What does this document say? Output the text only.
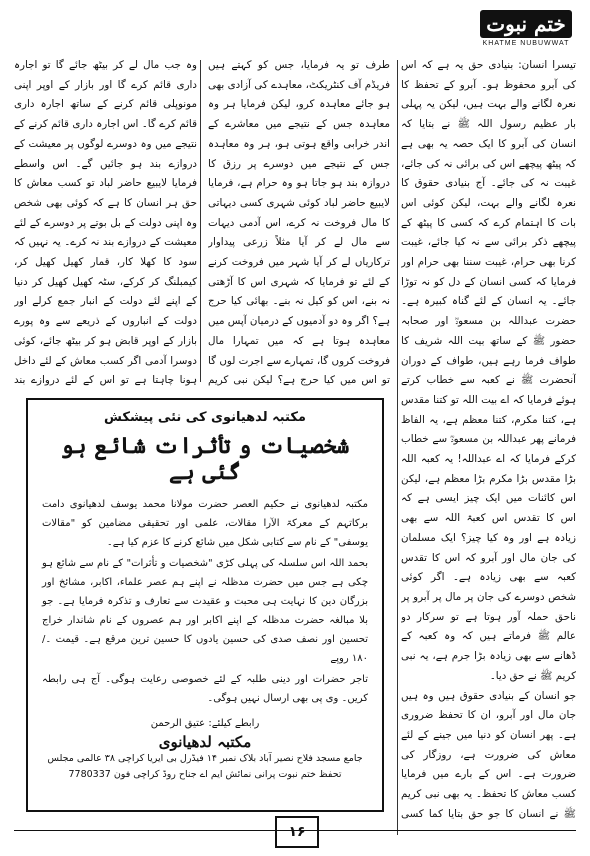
ختم نبوت
KHATME NUBUWWAT

تیسرا انسان: بنیادی حق یہ ہے کہ اس کی آبرو محفوظ ہو۔ آبرو کے تحفظ کا نعرہ لگانے والے بہت ہیں، لیکن یہ پہلی بار عظیم رسول اللہ ﷺ نے بتایا کہ انسان کی آبرو کا ایک حصہ یہ بھی ہے کہ پیٹھ پیچھے اس کی برائی نہ کی جائے، غیبت نہ کی جائے۔ آج بنیادی حقوق کا نعرہ لگانے والے بہت، لیکن کوئی اس بات کا اہتمام کرے کہ کسی کا پیٹھ کے پیچھے ذکر برائی سے نہ کیا جائے، غیبت کرنا بھی حرام، غیبت سننا بھی حرام اور فرمایا کہ کسی انسان کے دل کو نہ توڑا جائے۔ یہ انسان کے لئے گناہ کبیرہ ہے۔ حضرت عبداللہ بن مسعودؓ اور صحابہ حضور ﷺ کے ساتھ بیت اللہ شریف کا طواف فرما رہے ہیں، طواف کے دوران آنحضرت ﷺ نے کعبہ سے خطاب کرتے ہوئے فرمایا کہ اے بیت اللہ تو کتنا مقدس ہے، کتنا مکرم، کتنا معظم ہے، یہ الفاظ فرمانے پھر عبداللہ بن مسعودؓ سے خطاب کرکے فرمایا کہ اے عبداللہ! یہ کعبہ اللہ بڑا مقدس بڑا مکرم بڑا معظم ہے، لیکن اس کائنات میں ایک چیز ایسی ہے کہ اس کا تقدس اس کعبۃ اللہ سے بھی زیادہ ہے اور وہ کیا چیز؟ ایک مسلمان کی جان مال اور آبرو کہ اس کا تقدس کعبہ سے بھی زیادہ ہے۔ اگر کوئی شخص دوسرے کی جان پر مال پر آبرو پر ناحق حملہ آور ہوتا ہے تو سرکار دو عالم ﷺ فرماتے ہیں کہ وہ کعبہ کے ڈھانے سے بھی زیادہ بڑا جرم ہے، یہ نبی کریم ﷺ نے حق دیا۔

جو انسان کے بنیادی حقوق ہیں وہ ہیں جان مال اور آبرو، ان کا تحفظ ضروری ہے۔ پھر انسان کو دنیا میں جینے کے لئے معاش کی ضرورت ہے، روزگار کی ضرورت ہے۔ اس کے بارے میں فرمایا کسب معاش کا تحفظ۔ یہ بھی نبی کریم ﷺ نے انسان کا جو حق بتایا کما کسی

طرف تو یہ فرمایا، جس کو کہتے ہیں فریڈم آف کنٹریکٹ، معاہدے کی آزادی بھی ہو جائے معاہدہ کرو، لیکن فرمایا ہر وہ معاہدہ جس کے نتیجے میں معاشرے کے اندر خرابی واقع ہوتی ہو، ہر وہ معاہدہ جس کے نتیجے میں دوسرے پر رزق کا دروازہ بند ہو جاتا ہو وہ حرام ہے، فرمایا لایبیع حاضر لباد کوئی شہری کسی دیہاتی کا مال فروخت نہ کرے، اس آدمی دیہات سے مال لے کر آیا مثلاً زرعی پیداوار ترکاریاں لے کر آیا شہر میں فروخت کرنے کے لئے تو فرمایا کہ شہری اس کا آڑھتی نہ بنے، اس کو کیل نہ بنے۔ بھائی کیا حرج ہے؟ اگر وہ دو آدمیوں کے درمیان آپس میں معاہدہ ہوتا ہے کہ میں تمہارا مال فروخت کروں گا، تمہارے سے اجرت لوں گا تو اس میں کیا حرج ہے؟ لیکن نبی کریم

وہ جب مال لے کر بیٹھ جائے گا تو اجارہ داری قائم کرے گا اور بازار کے اوپر اپنی مونوپلی قائم کرنے کے ساتھ اجارہ داری قائم کرے گا۔ اس اجارہ داری قائم کرنے کے نتیجے میں وہ دوسرے لوگوں پر معیشت کے دروازے بند ہو جائیں گے۔ اس واسطے فرمایا لایبیع حاضر لباد تو کسب معاش کا حق ہر انسان کا ہے کہ کوئی بھی شخص وہ اپنی دولت کے بل بوتے پر دوسرے کے لئے معیشت کے دروازے بند نہ کرے۔ یہ نہیں کہ سود کا کھلا کار، قمار کھیل کھیل کر، کیمبلنگ کر کرکے، سٹہ کھیل کھیل کر دنیا کے اپنے لئے دولت کے انبار جمع کرلے اور دولت کے انباروں کے ذریعے سے وہ پورے بازار کے اوپر قابض ہو کر بیٹھ جائے، کوئی دوسرا آدمی اگر کسب معاش کے لئے داخل ہونا چاہتا ہے تو اس کے لئے دروازے بند

مکتبہ لدھیانوی کی نئی پیشکش
شخصیات و تأثرات شائع ہو گئی ہے

مکتبہ لدھیانوی نے حکیم العصر حضرت مولانا محمد یوسف لدھیانوی دامت برکاتہم کے معرکۃ الآرا مقالات، علمی اور تحقیقی مضامین کو "مقالات یوسفی" کے نام سے کتابی شکل میں شائع کرنے کا عزم کیا ہے۔

بحمد اللہ اس سلسلہ کی پہلی کڑی "شخصیات و تأثرات" کے نام سے شائع ہو چکی ہے جس میں حضرت مدظلہ نے اپنے ہم عصر علماء، اکابر، مشائخ اور بزرگان دین کا نہایت ہی محبت و عقیدت سے تعارف و تذکرہ فرمایا ہے۔ جو بلا مبالغہ حضرت مدظلہ کے اپنے اکابر اور ہم عصروں کے نام شاندار خراج تحسین اور نصف صدی کی حسین یادوں کا حسین ترین مرقع ہے۔ قیمت ۔/۱۸۰ روپے

تاجر حضرات اور دینی طلبہ کے لئے خصوصی رعایت ہوگی۔ آج ہی رابطہ کریں۔ وی پی بھی ارسال نہیں ہوگی۔

رابطے کیلئے: عتیق الرحمن
مکتبہ لدھیانوی
جامع مسجد فلاح نصیر آباد بلاک نمبر ۱۴ فیڈرل بی ایریا کراچی ۳۸ عالمی مجلس تحفظ ختم نبوت پرانی نمائش ایم اے جناح روڈ کراچی فون 7780337
۱۶
